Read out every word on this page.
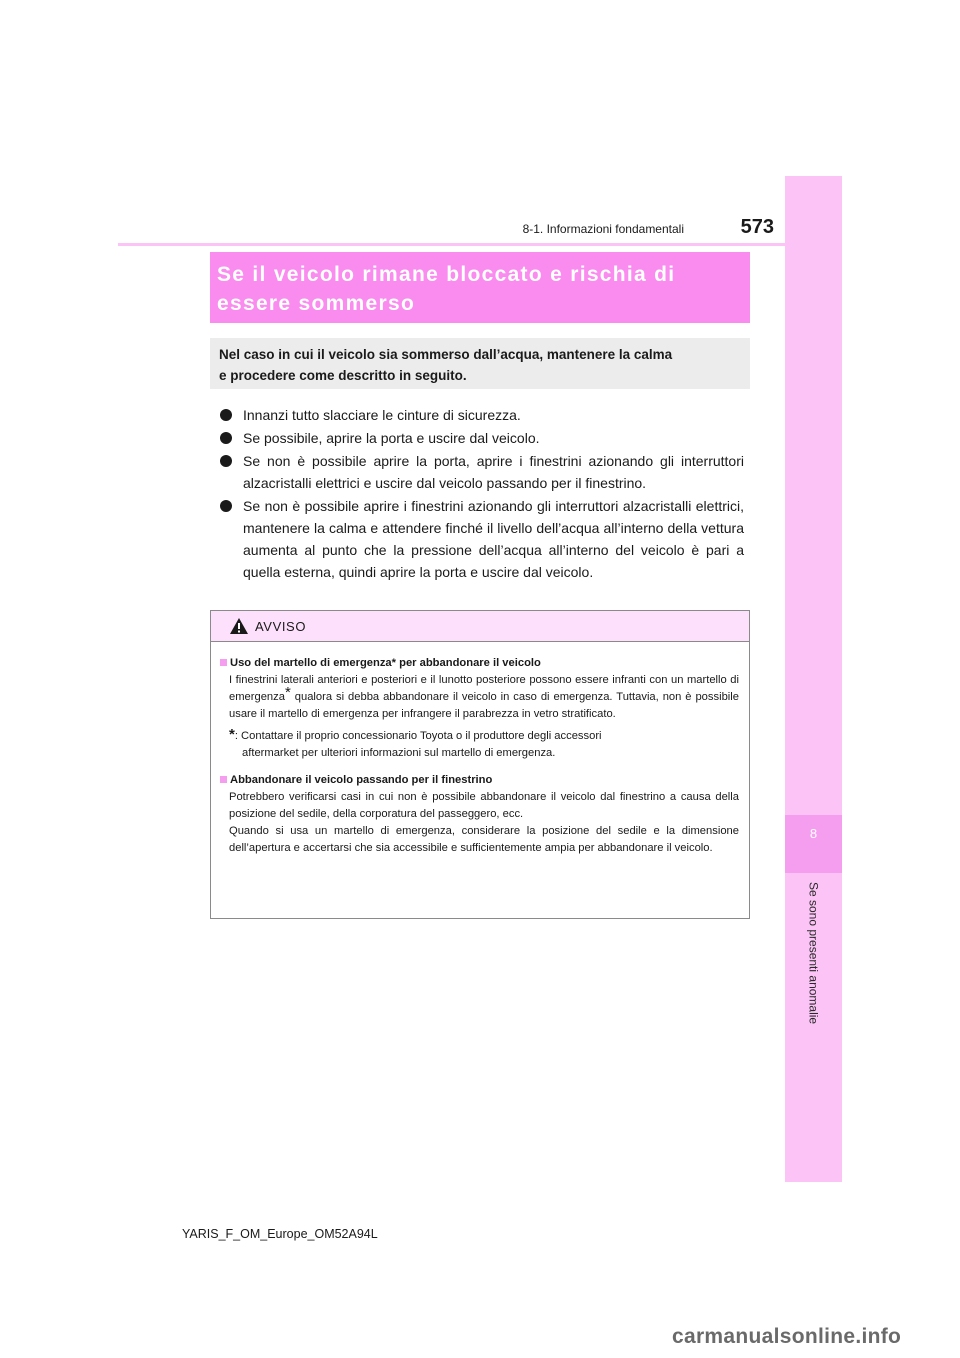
8
Se sono presenti anomalie
8-1. Informazioni fondamentali	573
Se il veicolo rimane bloccato e rischia di
essere sommerso
Nel caso in cui il veicolo sia sommerso dall’acqua, mantenere la calma
e procedere come descritto in seguito.
Innanzi tutto slacciare le cinture di sicurezza.
Se possibile, aprire la porta e uscire dal veicolo.
Se non è possibile aprire la porta, aprire i finestrini azionando gli interruttori alzacristalli elettrici e uscire dal veicolo passando per il finestrino.
Se non è possibile aprire i finestrini azionando gli interruttori alzacristalli elettrici, mantenere la calma e attendere finché il livello dell’acqua all’interno della vettura aumenta al punto che la pressione dell’acqua all’interno del veicolo è pari a quella esterna, quindi aprire la porta e uscire dal veicolo.
AVVISO
Uso del martello di emergenza* per abbandonare il veicolo
I finestrini laterali anteriori e posteriori e il lunotto posteriore possono essere infranti con un martello di emergenza* qualora si debba abbandonare il veicolo in caso di emergenza. Tuttavia, non è possibile usare il martello di emergenza per infrangere il parabrezza in vetro stratificato.
*: Contattare il proprio concessionario Toyota o il produttore degli accessori
aftermarket per ulteriori informazioni sul martello di emergenza.
Abbandonare il veicolo passando per il finestrino
Potrebbero verificarsi casi in cui non è possibile abbandonare il veicolo dal finestrino a causa della posizione del sedile, della corporatura del passeggero, ecc.
Quando si usa un martello di emergenza, considerare la posizione del sedile e la dimensione dell’apertura e accertarsi che sia accessibile e sufficientemente ampia per abbandonare il veicolo.
YARIS_F_OM_Europe_OM52A94L
carmanualsonline.info
